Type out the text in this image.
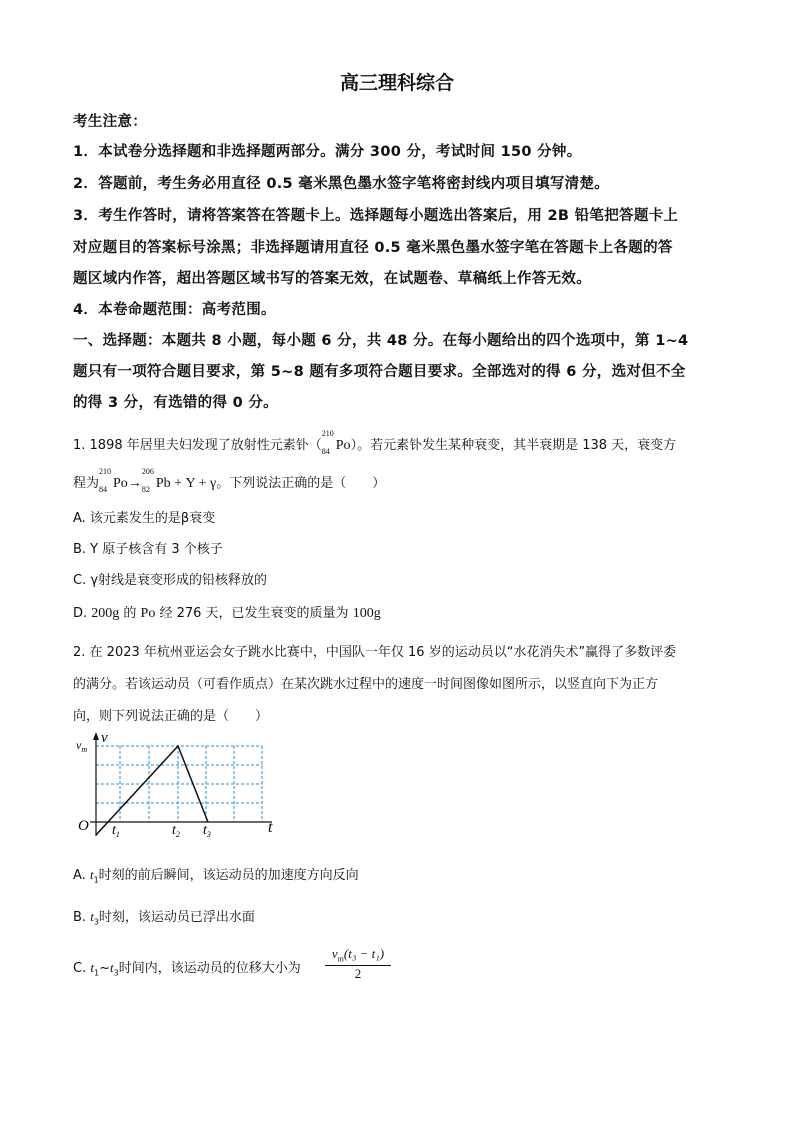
高三理科综合
考生注意：
1．本试卷分选择题和非选择题两部分。满分 300 分，考试时间 150 分钟。
2．答题前，考生务必用直径 0.5 毫米黑色墨水签字笔将密封线内项目填写清楚。
3．考生作答时，请将答案答在答题卡上。选择题每小题选出答案后，用 2B 铅笔把答题卡上
对应题目的答案标号涂黑；非选择题请用直径 0.5 毫米黑色墨水签字笔在答题卡上各题的答
题区域内作答，超出答题区域书写的答案无效，在试题卷、草稿纸上作答无效。
4．本卷命题范围：高考范围。
一、选择题：本题共 8 小题，每小题 6 分，共 48 分。在每小题给出的四个选项中，第 1~4
题只有一项符合题目要求，第 5~8 题有多项符合题目要求。全部选对的得 6 分，选对但不全
的得 3 分，有选错的得 0 分。
1. 1898 年居里夫妇发现了放射性元素钋（
210
84 Po）。若元素钋发生某种衰变，其半衰期是 138 天，衰变方
程为
210
84 Po→
206
82 Pb + Y + γ。下列说法正确的是（　　）
A. 该元素发生的是β衰变
B. Y 原子核含有 3 个核子
C. γ射线是衰变形成的铅核释放的
D. 200g 的 Po 经 276 天，已发生衰变的质量为 100g
2. 在 2023 年杭州亚运会女子跳水比赛中，中国队一年仅 16 岁的运动员以“水花消失术”赢得了多数评委
的满分。若该运动员（可看作质点）在某次跳水过程中的速度一时间图像如图所示，以竖直向下为正方
向，则下列说法正确的是（　　）
$v_m$
v
O $t_1$	$t_2$ $t_3$	t
A. $t_1$时刻的前后瞬间，该运动员的加速度方向反向
B. $t_3$时刻，该运动员已浮出水面
C. $t_1\sim t_3$时间内，该运动员的位移大小为 $\frac{v_m(t_3 - t_1)}{2}$
